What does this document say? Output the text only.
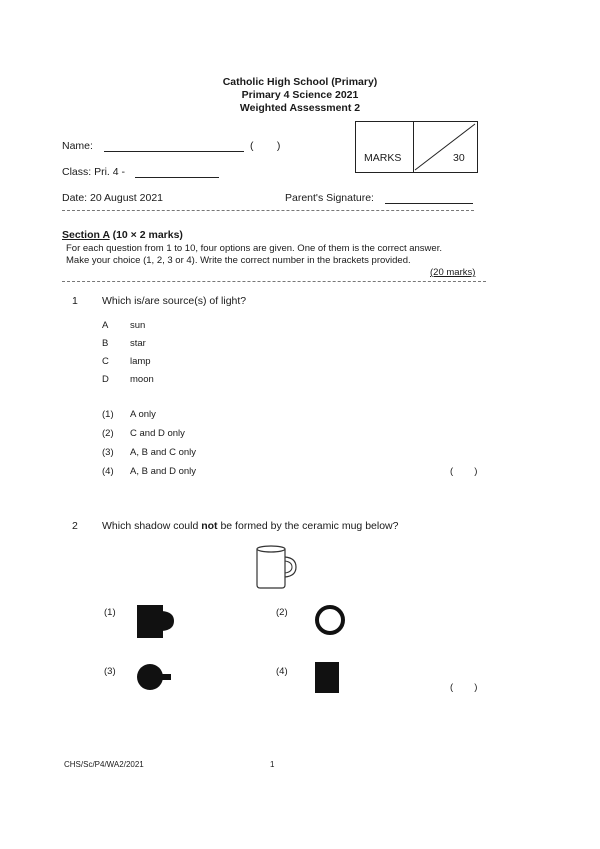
Catholic High School (Primary)
Primary 4 Science 2021
Weighted Assessment 2
Name:	(        )
MARKS	30
Class: Pri. 4 -
Date: 20 August 2021	Parent's Signature:
Section A (10 × 2 marks)
For each question from 1 to 10, four options are given. One of them is the correct answer.
Make your choice (1, 2, 3 or 4). Write the correct number in the brackets provided.
(20 marks)
1 Which is/are source(s) of light?
A sun
B star
C lamp
D moon
(1) A only
(2) C and D only
(3) A, B and C only
(4) A, B and D only	(        )
2 Which shadow could not be formed by the ceramic mug below?
(1)	(2)
(3)	(4)
(        )
CHS/Sc/P4/WA2/2021	1
